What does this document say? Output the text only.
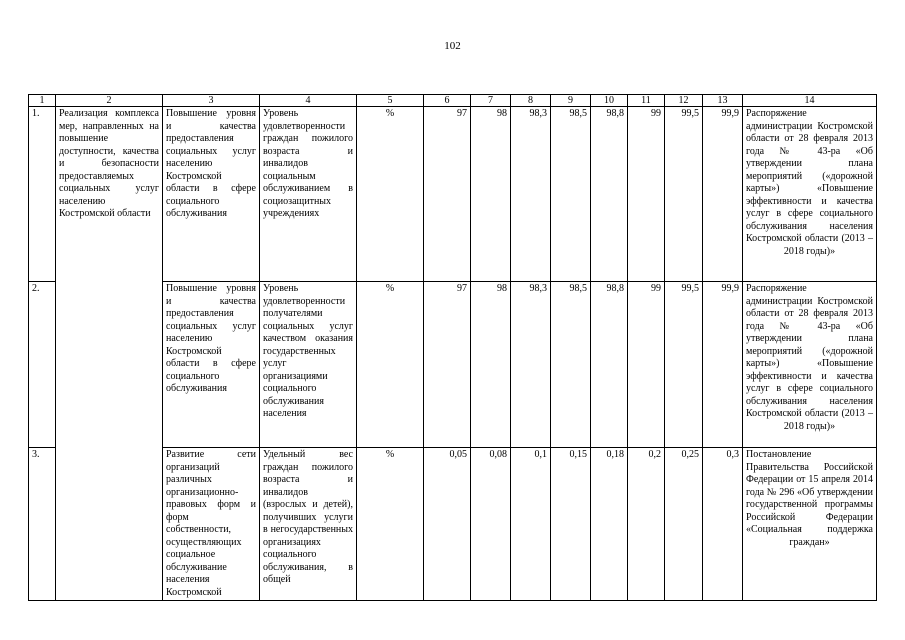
102
1	2	3	4	5	6	7	8	9	10	11	12	13	14
1.	Реализация комплекса мер, направленных на повышение доступности, качества и безопасности предоставляемых социальных услуг населению Костромской области	Повышение уровня и качества предоставления социальных услуг населению Костромской области в сфере социального обслуживания	Уровень удовлетворенности граждан пожилого возраста и инвалидов социальным обслуживанием в социозащитных учреждениях	%	97	98	98,3	98,5	98,8	99	99,5	99,9	Распоряжение администрации Костромской области от 28 февраля 2013 года № 43-ра «Об утверждении плана мероприятий («дорожной карты») «Повышение эффективности и качества услуг в сфере социального обслуживания населения Костромской области (2013 – 2018 годы)»
2.		Повышение уровня и качества предоставления социальных услуг населению Костромской области в сфере социального обслуживания	Уровень удовлетворенности получателями социальных услуг качеством оказания государственных услуг организациями социального обслуживания населения	%	97	98	98,3	98,5	98,8	99	99,5	99,9	Распоряжение администрации Костромской области от 28 февраля 2013 года № 43-ра «Об утверждении плана мероприятий («дорожной карты») «Повышение эффективности и качества услуг в сфере социального обслуживания населения Костромской области (2013 – 2018 годы)»
3.		Развитие сети организаций различных организационно-правовых форм и форм собственности, осуществляющих социальное обслуживание населения Костромской	Удельный вес граждан пожилого возраста и инвалидов (взрослых и детей), получивших услуги в негосударственных организациях социального обслуживания, в общей	%	0,05	0,08	0,1	0,15	0,18	0,2	0,25	0,3	Постановление Правительства Российской Федерации от 15 апреля 2014 года № 296 «Об утверждении государственной программы Российской Федерации «Социальная поддержка граждан»
